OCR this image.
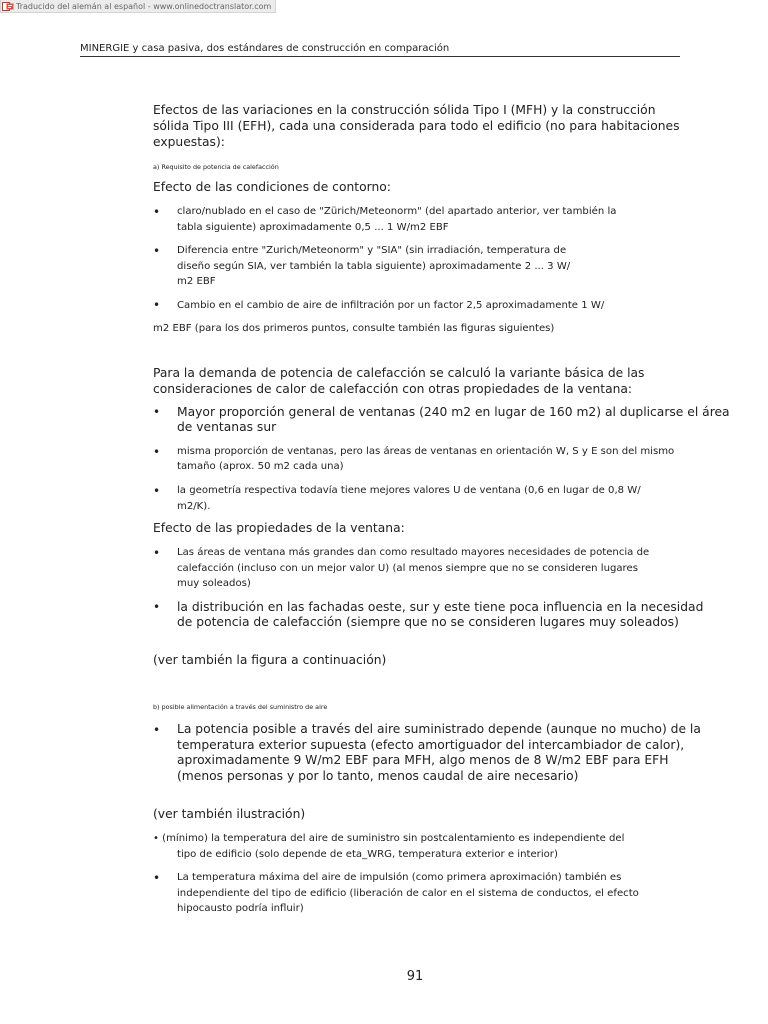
Traducido del alemán al español - www.onlinedoctranslator.com
MINERGIE y casa pasiva, dos estándares de construcción en comparación
Efectos de las variaciones en la construcción sólida Tipo I (MFH) y la construcción
sólida Tipo III (EFH), cada una considerada para todo el edificio (no para habitaciones
expuestas):
a) Requisito de potencia de calefacción
Efecto de las condiciones de contorno:
• claro/nublado en el caso de "Zürich/Meteonorm" (del apartado anterior, ver también la
tabla siguiente) aproximadamente 0,5 ... 1 W/m2 EBF
• Diferencia entre "Zurich/Meteonorm" y "SIA" (sin irradiación, temperatura de
diseño según SIA, ver también la tabla siguiente) aproximadamente 2 ... 3 W/
m2 EBF
• Cambio en el cambio de aire de infiltración por un factor 2,5 aproximadamente 1 W/
m2 EBF (para los dos primeros puntos, consulte también las figuras siguientes)
Para la demanda de potencia de calefacción se calculó la variante básica de las
consideraciones de calor de calefacción con otras propiedades de la ventana:
• Mayor proporción general de ventanas (240 m2 en lugar de 160 m2) al duplicarse el área
de ventanas sur
• misma proporción de ventanas, pero las áreas de ventanas en orientación W, S y E son del mismo
tamaño (aprox. 50 m2 cada una)
• la geometría respectiva todavía tiene mejores valores U de ventana (0,6 en lugar de 0,8 W/
m2/K).
Efecto de las propiedades de la ventana:
• Las áreas de ventana más grandes dan como resultado mayores necesidades de potencia de
calefacción (incluso con un mejor valor U) (al menos siempre que no se consideren lugares
muy soleados)
• la distribución en las fachadas oeste, sur y este tiene poca influencia en la necesidad
de potencia de calefacción (siempre que no se consideren lugares muy soleados)
(ver también la figura a continuación)
b) posible alimentación a través del suministro de aire
• La potencia posible a través del aire suministrado depende (aunque no mucho) de la
temperatura exterior supuesta (efecto amortiguador del intercambiador de calor),
aproximadamente 9 W/m2 EBF para MFH, algo menos de 8 W/m2 EBF para EFH
(menos personas y por lo tanto, menos caudal de aire necesario)
(ver también ilustración)
• (mínimo) la temperatura del aire de suministro sin postcalentamiento es independiente del
tipo de edificio (solo depende de eta_WRG, temperatura exterior e interior)
• La temperatura máxima del aire de impulsión (como primera aproximación) también es
independiente del tipo de edificio (liberación de calor en el sistema de conductos, el efecto
hipocausto podría influir)
91
